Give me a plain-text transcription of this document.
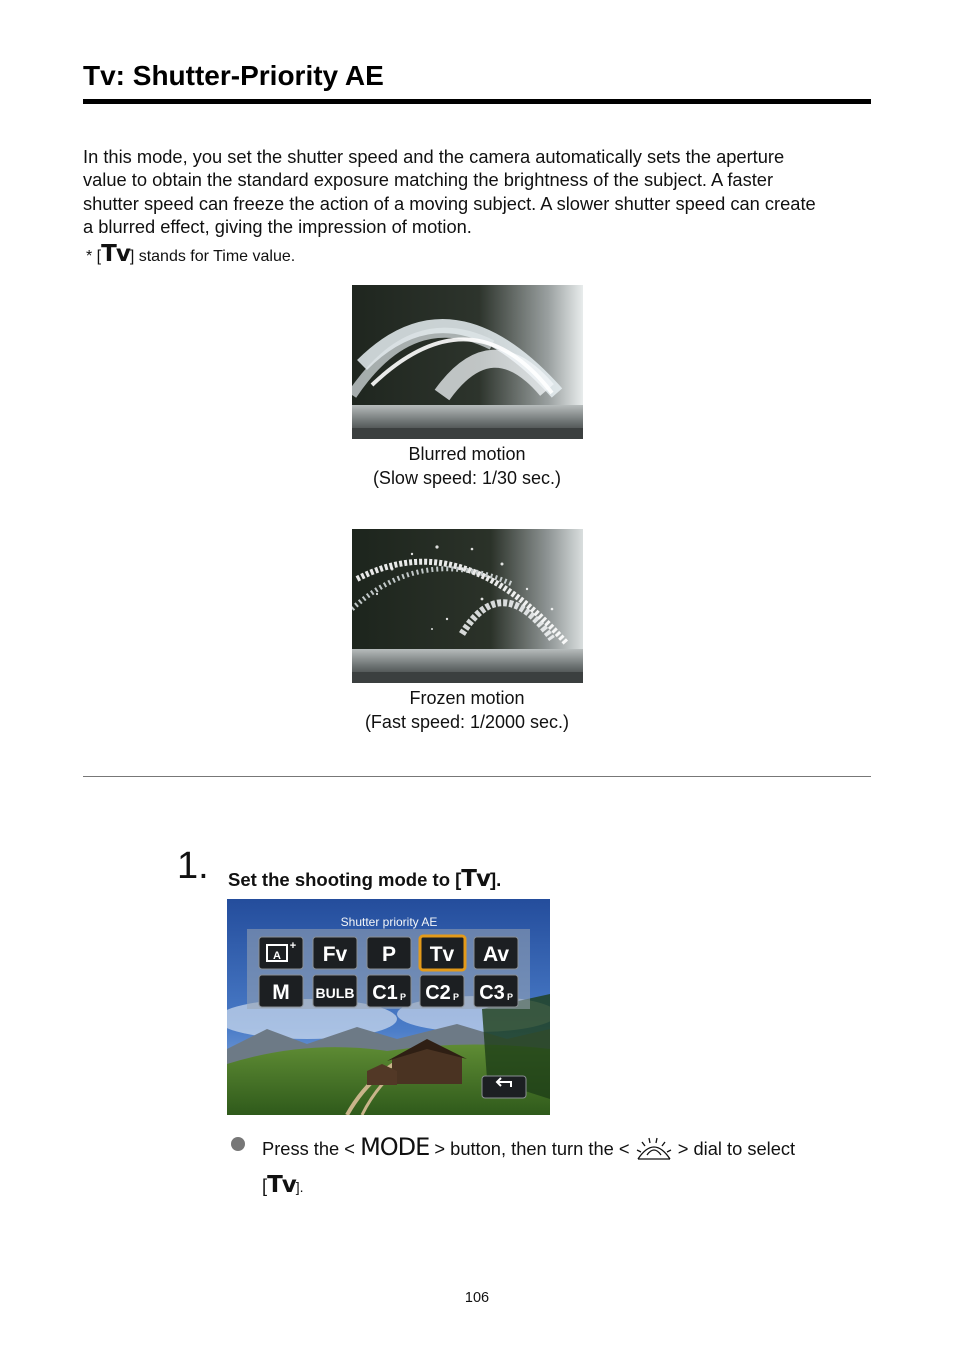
Tv: Shutter-Priority AE
In this mode, you set the shutter speed and the camera automatically sets the aperture
value to obtain the standard exposure matching the brightness of the subject. A faster
shutter speed can freeze the action of a moving subject. A slower shutter speed can create
a blurred effect, giving the impression of motion.
* [Tv] stands for Time value.
Blurred motion
(Slow speed: 1/30 sec.)
Frozen motion
(Fast speed: 1/2000 sec.)
1. Set the shooting mode to [Tv].
Shutter priority AE
A
+ Fv P Tv Av
M BULB C1 P C2 P C3 P
Press the < MODE > button, then turn the <  > dial to select
[Tv].
106
